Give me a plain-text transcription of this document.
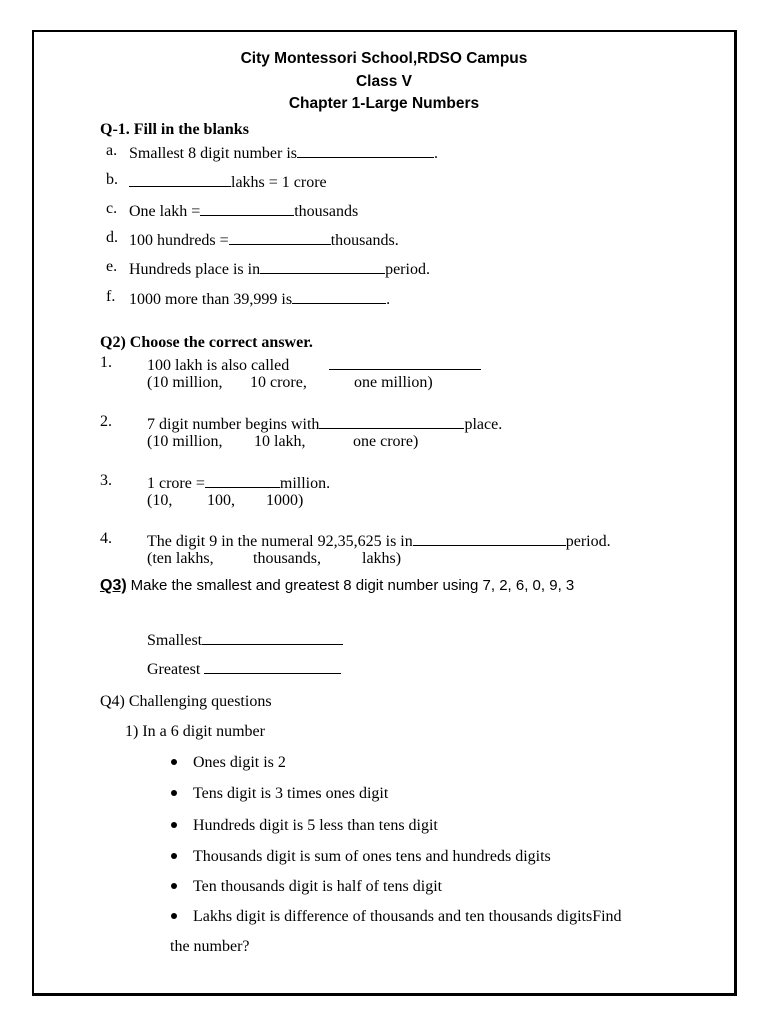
City Montessori School,RDSO Campus
Class V
Chapter 1-Large Numbers
Q-1. Fill in the blanks
a. Smallest 8 digit number is	.
b.	lakhs = 1 crore
c. One lakh =	thousands
d. 100 hundreds =	thousands.
e. Hundreds place is in	period.
f. 1000 more than 39,999 is	.
Q2) Choose the correct answer.
1. 100 lakh is also called
(10 million, 10 crore,	one million)
2. 7 digit number begins with	place.
(10 million, 10 lakh,	one crore)
3. 1 crore =	million.
(10, 100, 1000)
4. The digit 9 in the numeral 92,35,625 is in	period.
(ten lakhs, thousands,	lakhs)
Q3) Make the smallest and greatest 8 digit number using 7, 2, 6, 0, 9, 3
Smallest
Greatest
Q4) Challenging questions
1) In a 6 digit number
Ones digit is 2
Tens digit is 3 times ones digit
Hundreds digit is 5 less than tens digit
Thousands digit is sum of ones tens and hundreds digits
Ten thousands digit is half of tens digit
Lakhs digit is difference of thousands and ten thousands digitsFind
the number?
